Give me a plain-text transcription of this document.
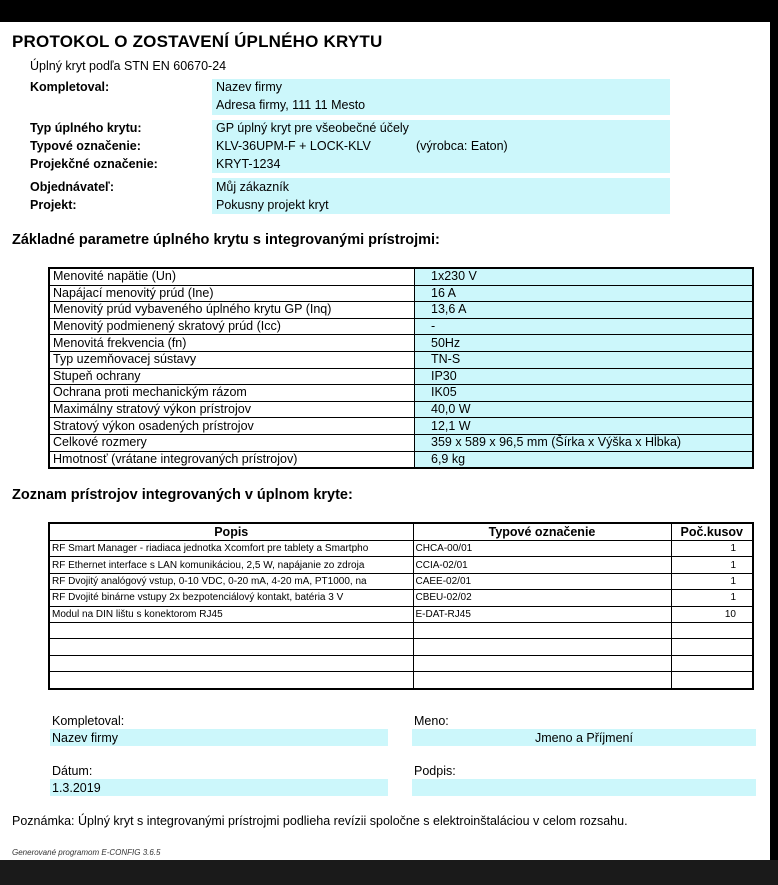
PROTOKOL O ZOSTAVENÍ ÚPLNÉHO KRYTU
Úplný kryt podľa STN EN 60670-24
Kompletoval:	Nazev firmy
Adresa firmy, 111 11 Mesto
Typ úplného krytu:	GP úplný kryt pre všeobečné účely
Typové označenie:	KLV-36UPM-F + LOCK-KLV	(výrobca: Eaton)
Projekčné označenie:	KRYT-1234
Objednávateľ:	Můj zákazník
Projekt:	Pokusny projekt kryt
Základné parametre úplného krytu s integrovanými prístrojmi:
Menovité napätie (Un)	1x230 V
Napájací menovitý prúd (Ine)	16 A
Menovitý prúd vybaveného úplného krytu GP (Inq)	13,6 A
Menovitý podmienený skratový prúd (Icc)	-
Menovitá frekvencia (fn)	50Hz
Typ uzemňovacej sústavy	TN-S
Stupeň ochrany	IP30
Ochrana proti mechanickým rázom	IK05
Maximálny stratový výkon prístrojov	40,0 W
Stratový výkon osadených prístrojov	12,1 W
Celkové rozmery	359 x 589 x 96,5 mm (Šírka x Výška x Hĺbka)
Hmotnosť (vrátane integrovaných prístrojov)	6,9 kg
Zoznam prístrojov integrovaných v úplnom kryte:
Popis	Typové označenie	Poč.kusov
RF Smart Manager - riadiaca jednotka Xcomfort pre tablety a Smartpho	CHCA-00/01	1
RF Ethernet interface s LAN komunikáciou, 2,5 W, napájanie zo zdroja	CCIA-02/01	1
RF Dvojitý analógový vstup, 0-10 VDC, 0-20 mA, 4-20 mA, PT1000, na	CAEE-02/01	1
RF Dvojité binárne vstupy 2x bezpotenciálový kontakt, batéria 3 V	CBEU-02/02	1
Modul na DIN lištu s konektorom RJ45	E-DAT-RJ45	10

Kompletoval:
Nazev firmy
Meno:
Jmeno a Příjmení
Dátum:
1.3.2019
Podpis:
Poznámka: Úplný kryt s integrovanými prístrojmi podlieha revízii spoločne s elektroinštaláciou v celom rozsahu.
Generované programom E-CONFIG 3.6.5
